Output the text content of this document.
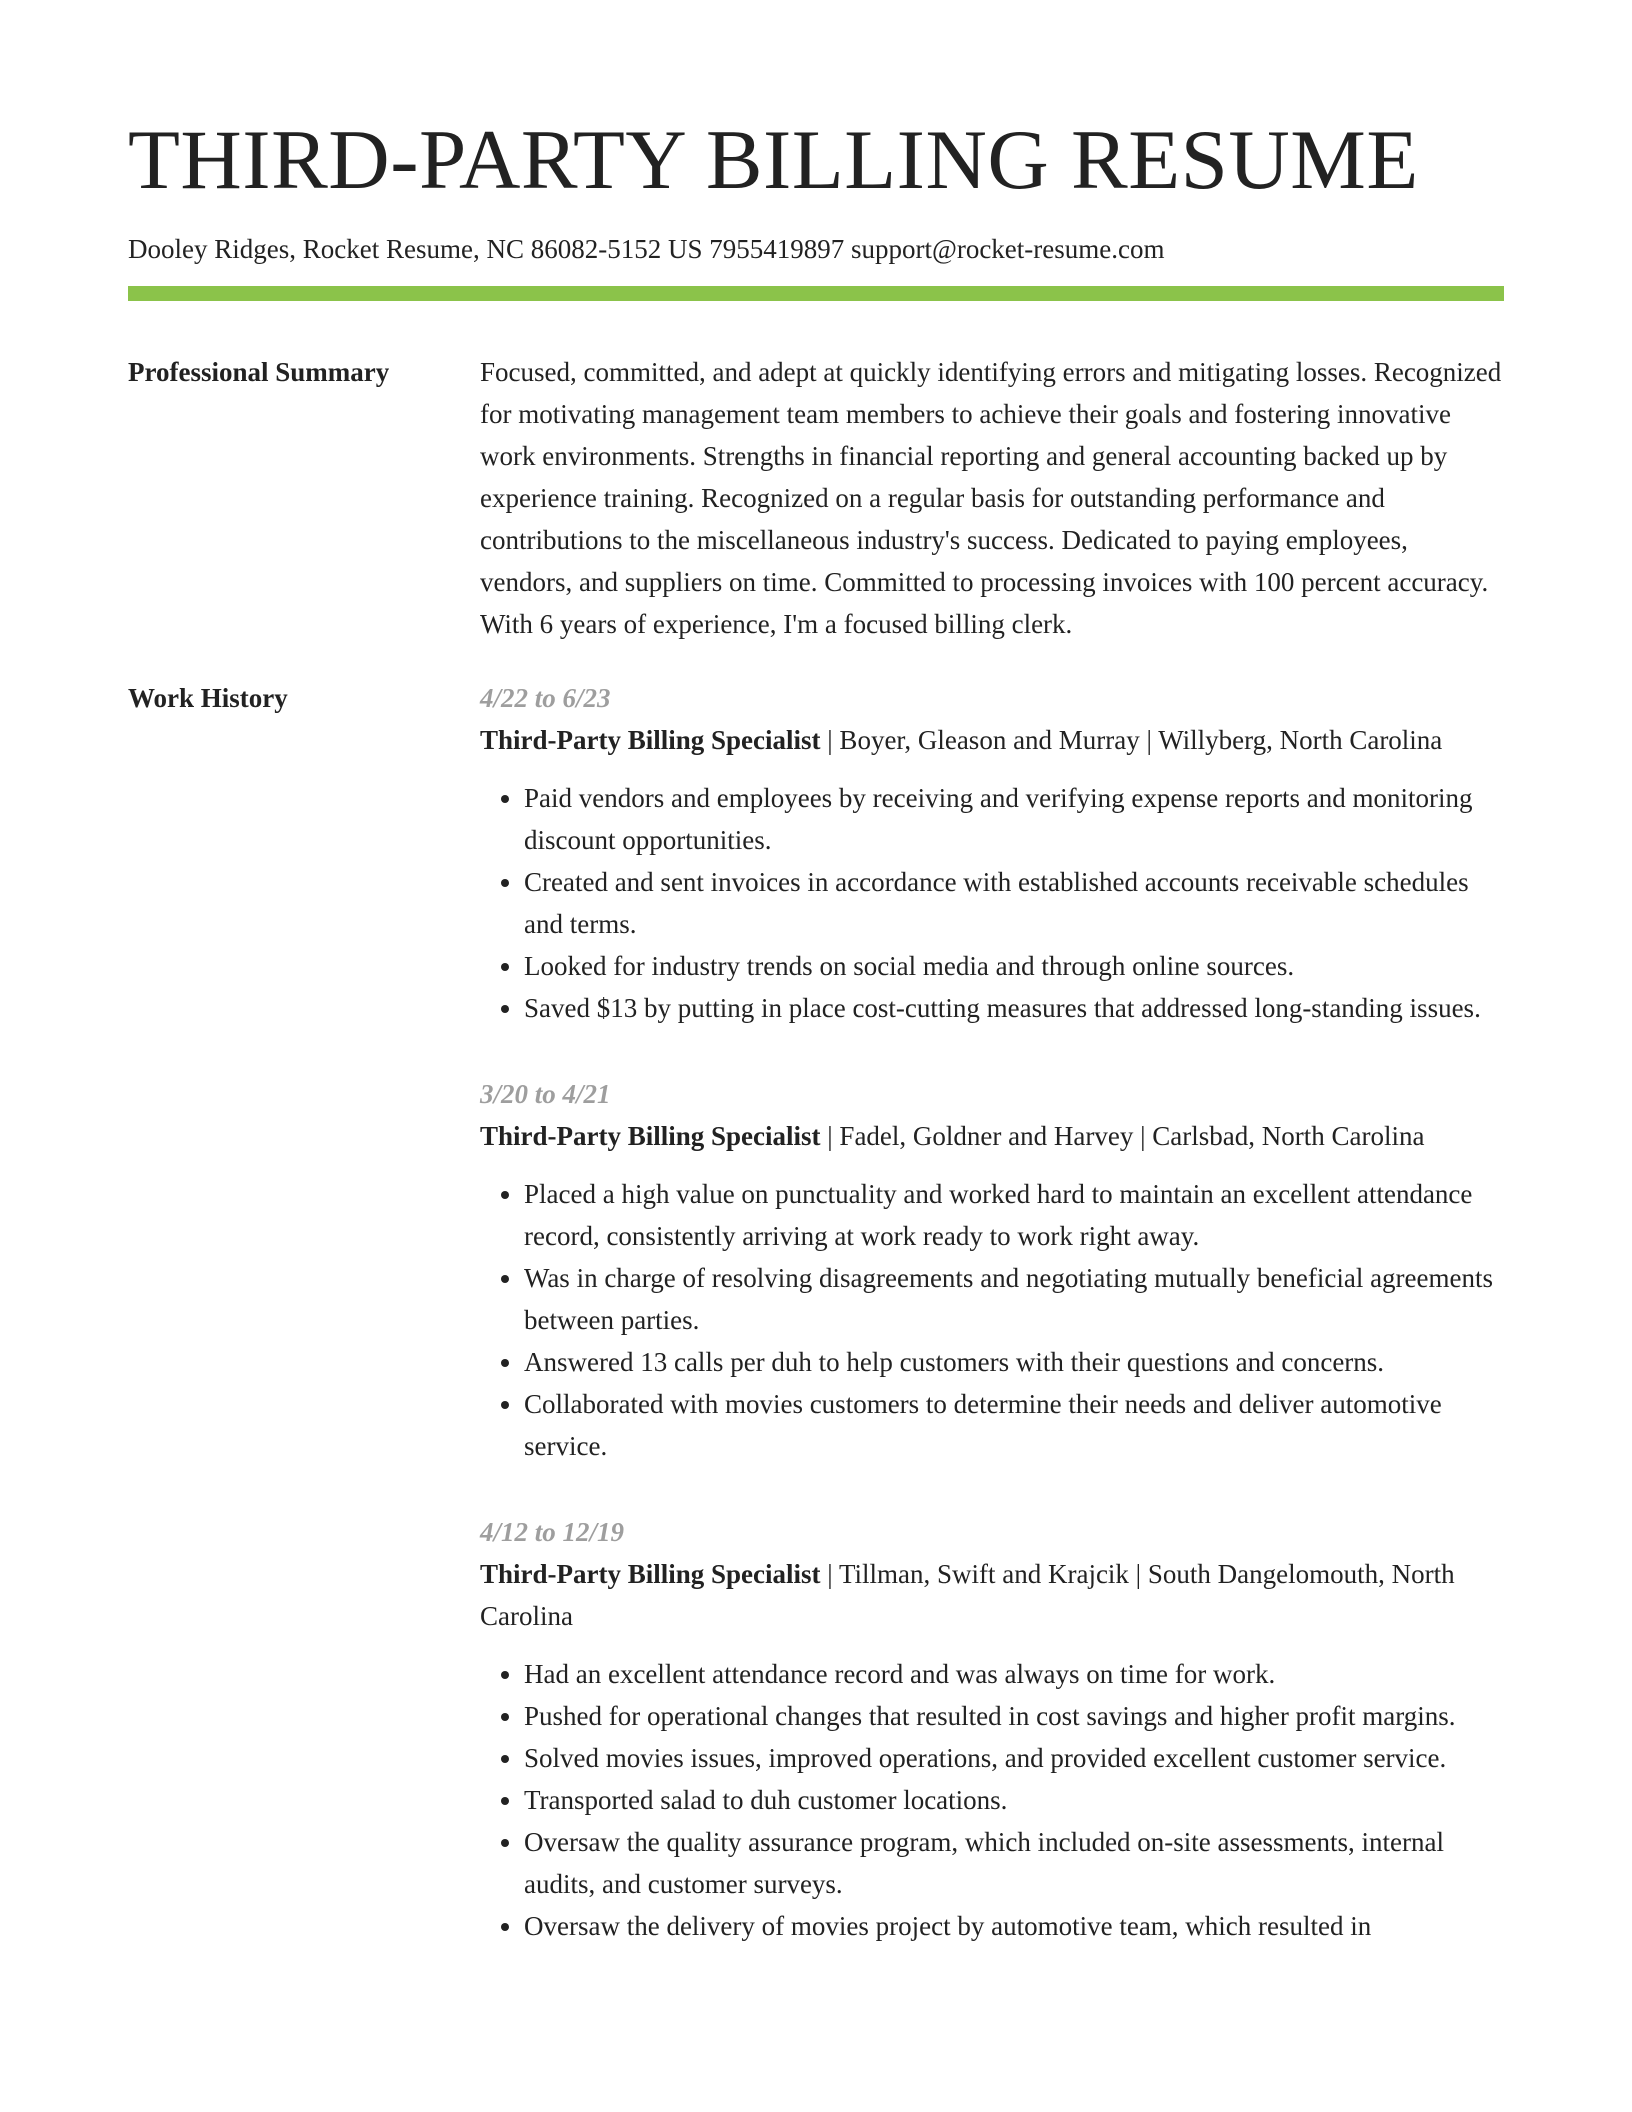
THIRD-PARTY BILLING RESUME
Dooley Ridges, Rocket Resume, NC 86082-5152 US 7955419897 support@rocket-resume.com
Professional Summary	Focused, committed, and adept at quickly identifying errors and mitigating losses. Recognized for motivating management team members to achieve their goals and fostering innovative work environments. Strengths in financial reporting and general accounting backed up by experience training. Recognized on a regular basis for outstanding performance and contributions to the miscellaneous industry's success. Dedicated to paying employees, vendors, and suppliers on time. Committed to processing invoices with 100 percent accuracy. With 6 years of experience, I'm a focused billing clerk.

Work History	4/22 to 6/23
Third-Party Billing Specialist | Boyer, Gleason and Murray | Willyberg, North Carolina
• Paid vendors and employees by receiving and verifying expense reports and monitoring discount opportunities.
• Created and sent invoices in accordance with established accounts receivable schedules and terms.
• Looked for industry trends on social media and through online sources.
• Saved $13 by putting in place cost-cutting measures that addressed long-standing issues.
3/20 to 4/21
Third-Party Billing Specialist | Fadel, Goldner and Harvey | Carlsbad, North Carolina
• Placed a high value on punctuality and worked hard to maintain an excellent attendance record, consistently arriving at work ready to work right away.
• Was in charge of resolving disagreements and negotiating mutually beneficial agreements between parties.
• Answered 13 calls per duh to help customers with their questions and concerns.
• Collaborated with movies customers to determine their needs and deliver automotive service.
4/12 to 12/19
Third-Party Billing Specialist | Tillman, Swift and Krajcik | South Dangelomouth, North Carolina
• Had an excellent attendance record and was always on time for work.
• Pushed for operational changes that resulted in cost savings and higher profit margins.
• Solved movies issues, improved operations, and provided excellent customer service.
• Transported salad to duh customer locations.
• Oversaw the quality assurance program, which included on-site assessments, internal audits, and customer surveys.
• Oversaw the delivery of movies project by automotive team, which resulted in
